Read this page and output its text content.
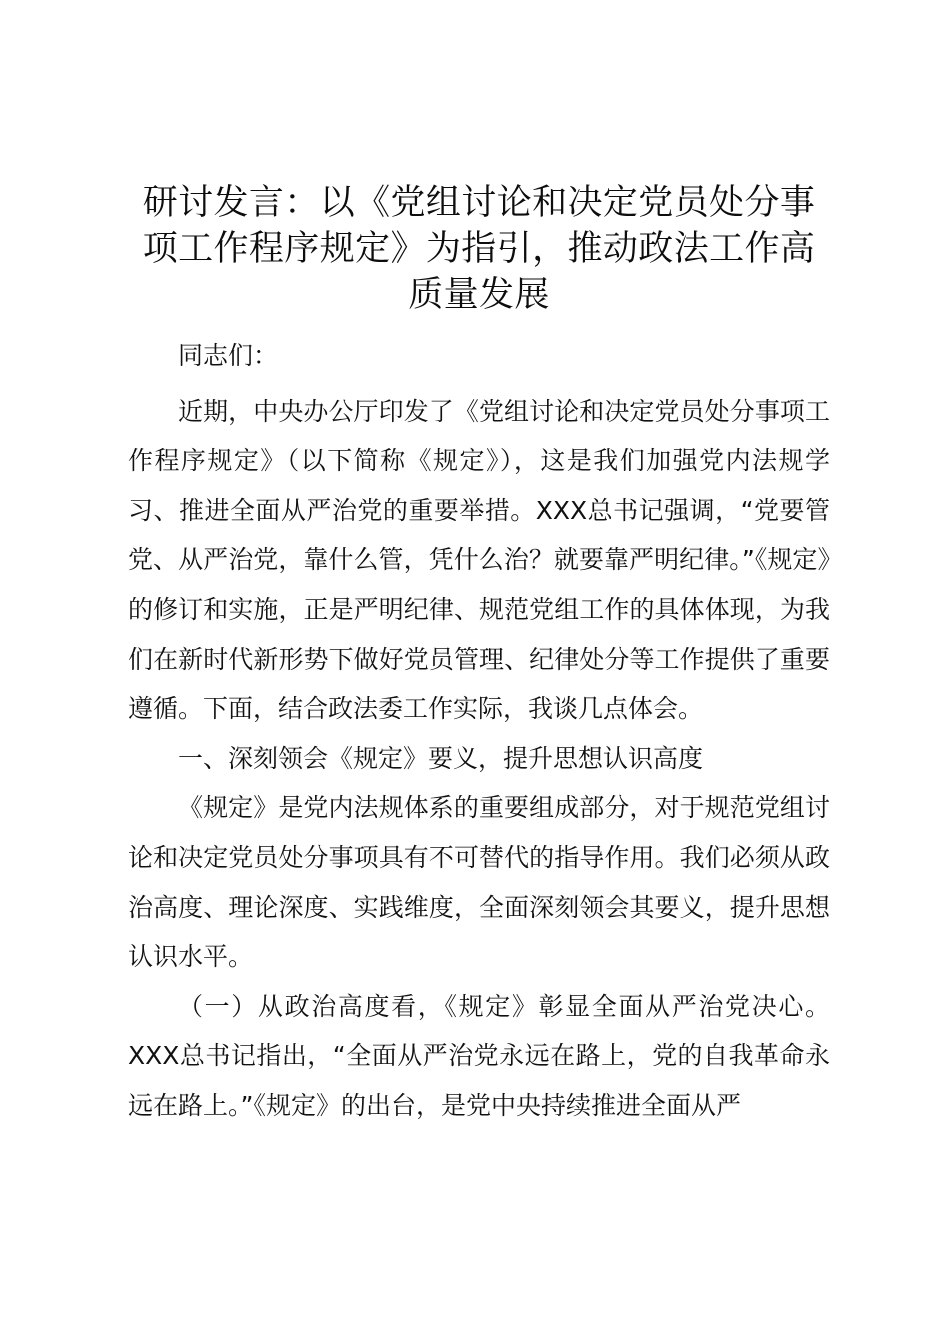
研讨发言：以《党组讨论和决定党员处分事项工作程序规定》为指引，推动政法工作高质量发展

同志们：

近期，中央办公厅印发了《党组讨论和决定党员处分事项工作程序规定》（以下简称《规定》），这是我们加强党内法规学习、推进全面从严治党的重要举措。XXX总书记强调，“党要管党、从严治党，靠什么管，凭什么治？就要靠严明纪律。”《规定》的修订和实施，正是严明纪律、规范党组工作的具体体现，为我们在新时代新形势下做好党员管理、纪律处分等工作提供了重要遵循。下面，结合政法委工作实际，我谈几点体会。

一、深刻领会《规定》要义，提升思想认识高度

《规定》是党内法规体系的重要组成部分，对于规范党组讨论和决定党员处分事项具有不可替代的指导作用。我们必须从政治高度、理论深度、实践维度，全面深刻领会其要义，提升思想认识水平。

（一）从政治高度看，《规定》彰显全面从严治党决心。XXX总书记指出，“全面从严治党永远在路上，党的自我革命永远在路上。”《规定》的出台，是党中央持续推进全面从严
